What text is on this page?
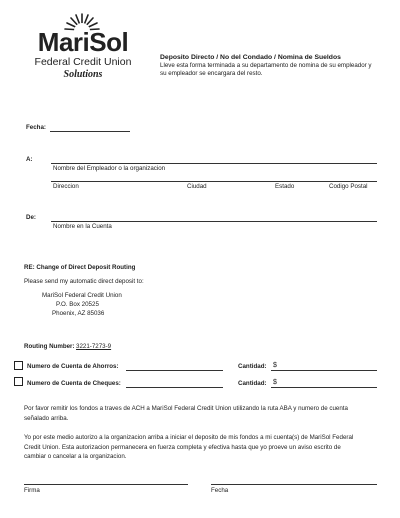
MariSol
Federal Credit Union
Solutions
Deposito Directo / No del Condado / Nomina de Sueldos
Lleve esta forma terminada a su departamento de nomina de su empleador y
su empleador se encargara del resto.
Fecha:
A:
Nombre del Empleador o la organizacion
Direccion	Ciudad	Estado	Codigo Postal
De:
Nombre en la Cuenta
RE: Change of Direct Deposit Routing
Please send my automatic direct deposit to:
MariSol Federal Credit Union
P.O. Box 20525
Phoenix, AZ 85036
Routing Number: 3221-7273-9
Numero de Cuenta de Ahorros:	Cantidad: $
Numero de Cuenta de Cheques:	Cantidad: $
Por favor remitir los fondos a traves de ACH a MariSol Federal Credit Union utilizando la ruta ABA y numero de cuenta
señalado arriba.
Yo por este medio autorizo a la organizacion arriba a iniciar el deposito de mis fondos a mi cuenta(s) de MariSol Federal
Credit Union. Esta autorizacion permanecera en fuerza completa y efectiva hasta que yo proeve un aviso escrito de
cambiar o cancelar a la organizacion.
Firma	Fecha
